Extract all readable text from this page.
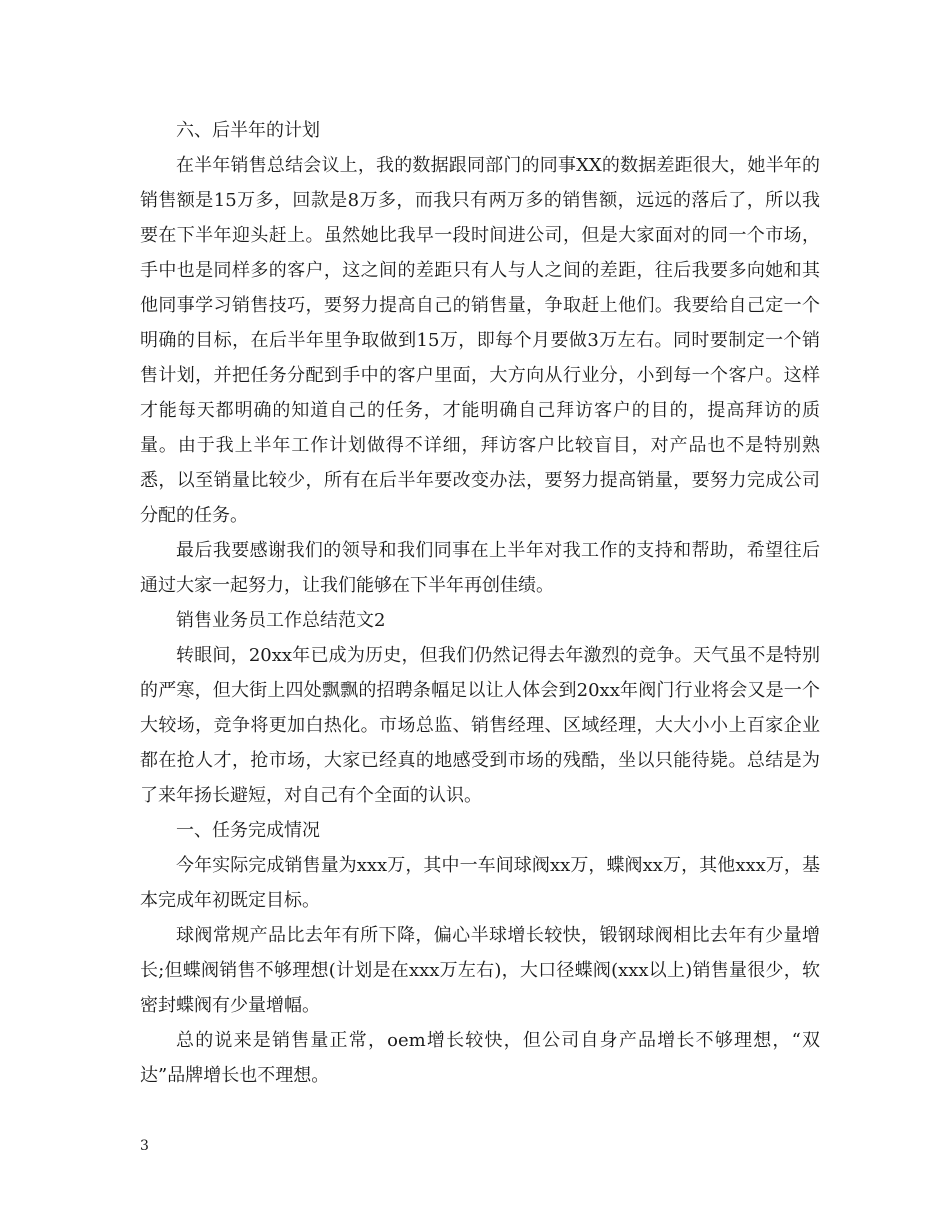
六、后半年的计划

在半年销售总结会议上，我的数据跟同部门的同事XX的数据差距很大，她半年的销售额是15万多，回款是8万多，而我只有两万多的销售额，远远的落后了，所以我要在下半年迎头赶上。虽然她比我早一段时间进公司，但是大家面对的同一个市场，手中也是同样多的客户，这之间的差距只有人与人之间的差距，往后我要多向她和其他同事学习销售技巧，要努力提高自己的销售量，争取赶上他们。我要给自己定一个明确的目标，在后半年里争取做到15万，即每个月要做3万左右。同时要制定一个销售计划，并把任务分配到手中的客户里面，大方向从行业分，小到每一个客户。这样才能每天都明确的知道自己的任务，才能明确自己拜访客户的目的，提高拜访的质量。由于我上半年工作计划做得不详细，拜访客户比较盲目，对产品也不是特别熟悉，以至销量比较少，所有在后半年要改变办法，要努力提高销量，要努力完成公司分配的任务。

最后我要感谢我们的领导和我们同事在上半年对我工作的支持和帮助，希望往后通过大家一起努力，让我们能够在下半年再创佳绩。

销售业务员工作总结范文2

转眼间，20xx年已成为历史，但我们仍然记得去年激烈的竞争。天气虽不是特别的严寒，但大街上四处飘飘的招聘条幅足以让人体会到20xx年阀门行业将会又是一个大较场，竞争将更加白热化。市场总监、销售经理、区域经理，大大小小上百家企业都在抢人才，抢市场，大家已经真的地感受到市场的残酷，坐以只能待毙。总结是为了来年扬长避短，对自己有个全面的认识。

一、任务完成情况

今年实际完成销售量为xxx万，其中一车间球阀xx万，蝶阀xx万，其他xxx万，基本完成年初既定目标。

球阀常规产品比去年有所下降，偏心半球增长较快，锻钢球阀相比去年有少量增长;但蝶阀销售不够理想(计划是在xxx万左右)，大口径蝶阀(xxx以上)销售量很少，软密封蝶阀有少量增幅。

总的说来是销售量正常，oem增长较快，但公司自身产品增长不够理想，“双达”品牌增长也不理想。

3
